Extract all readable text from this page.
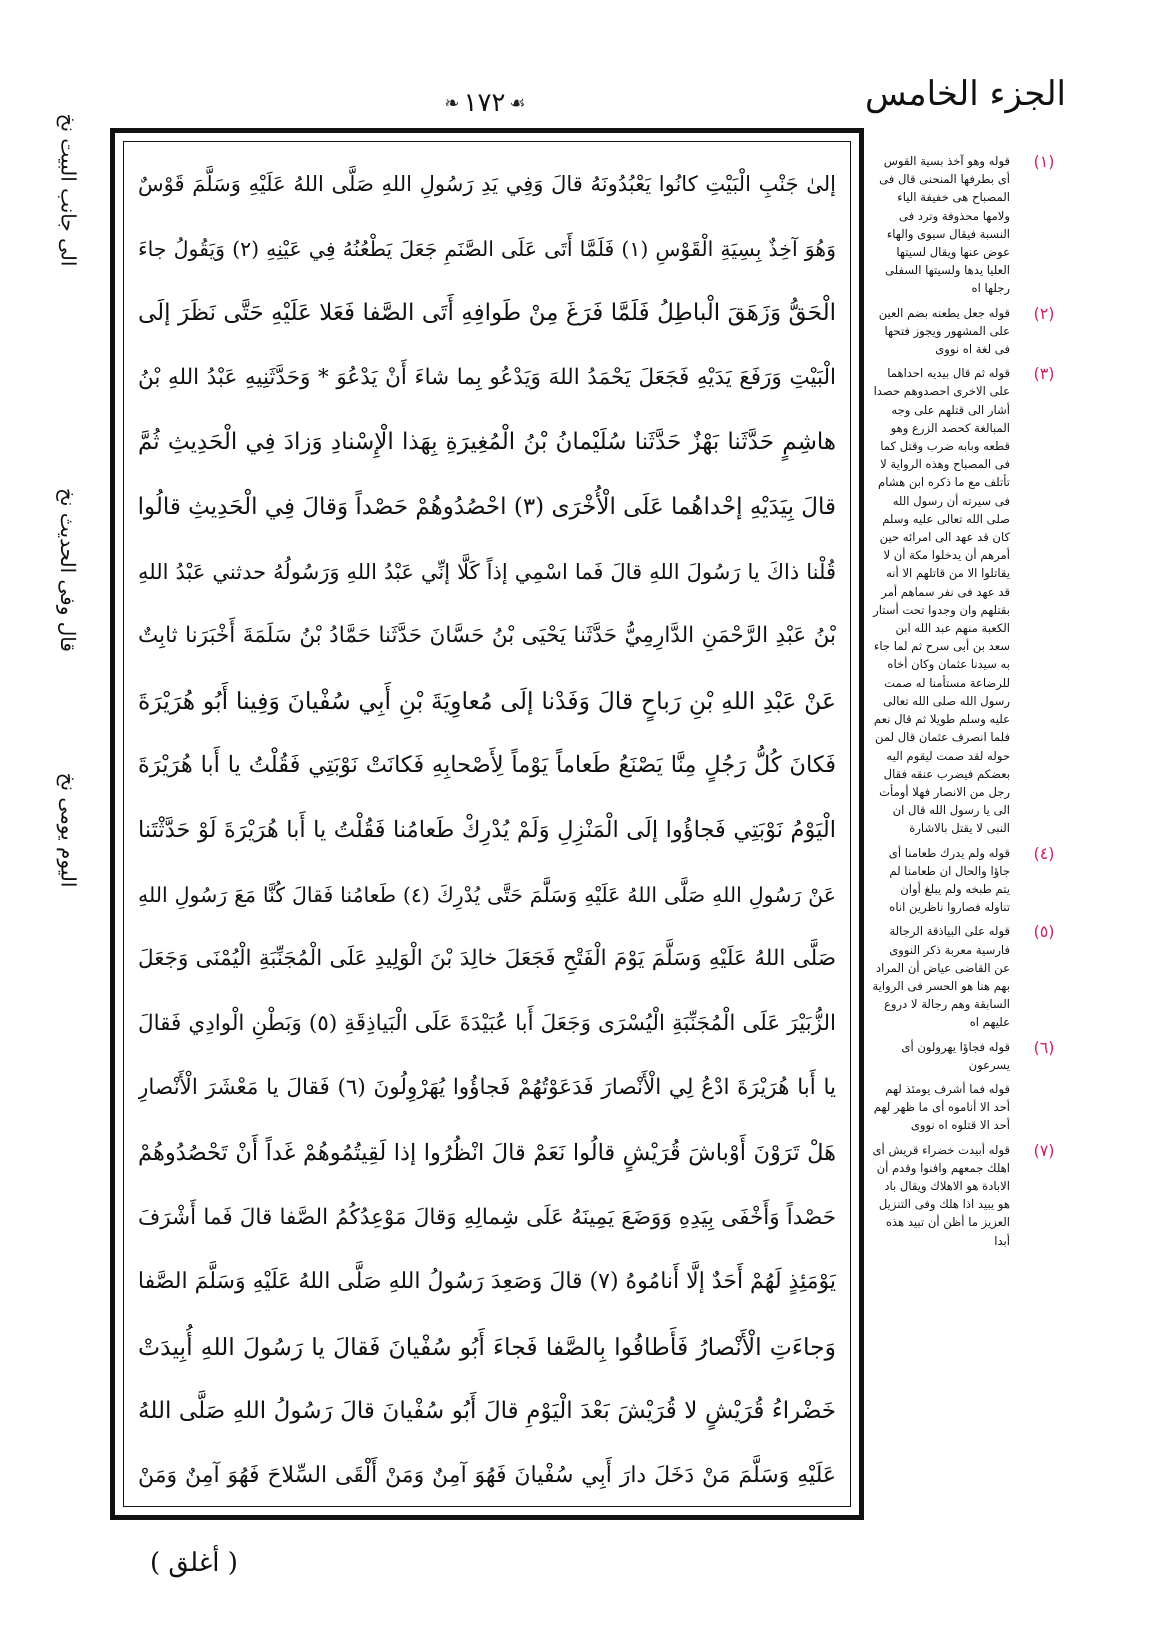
الجزء الخامس
❧ ١٧٢ ☙
إلىٰ جَنْبِ الْبَيْتِ كانُوا يَعْبُدُونَهُ قالَ وَفِي يَدِ رَسُولِ اللهِ صَلَّى اللهُ عَلَيْهِ وَسَلَّمَ قَوْسٌ
وَهُوَ آخِذٌ بِسِيَةِ الْقَوْسِ (١) فَلَمَّا أَتَى عَلَى الصَّنَمِ جَعَلَ يَطْعُنُهُ فِي عَيْنِهِ (٢) وَيَقُولُ جاءَ
الْحَقُّ وَزَهَقَ الْباطِلُ فَلَمَّا فَرَغَ مِنْ طَوافِهِ أَتَى الصَّفا فَعَلا عَلَيْهِ حَتَّى نَظَرَ إلَى
الْبَيْتِ وَرَفَعَ يَدَيْهِ فَجَعَلَ يَحْمَدُ اللهَ وَيَدْعُو بِما شاءَ أَنْ يَدْعُوَ * وَحَدَّثَنِيهِ عَبْدُ اللهِ بْنُ
هاشِمٍ حَدَّثَنا بَهْزٌ حَدَّثَنا سُلَيْمانُ بْنُ الْمُغِيرَةِ بِهَذا الْإِسْنادِ وَزادَ فِي الْحَدِيثِ ثُمَّ
قالَ بِيَدَيْهِ إحْداهُما عَلَى الْأُخْرَى (٣) احْصُدُوهُمْ حَصْداً وَقالَ فِي الْحَدِيثِ قالُوا
قُلْنا ذاكَ يا رَسُولَ اللهِ قالَ فَما اسْمِي إذاً كَلَّا إنِّي عَبْدُ اللهِ وَرَسُولُهُ حدثني عَبْدُ اللهِ
بْنُ عَبْدِ الرَّحْمَنِ الدَّارِمِيُّ حَدَّثَنا يَحْيَى بْنُ حَسَّانَ حَدَّثَنا حَمَّادُ بْنُ سَلَمَةَ أَخْبَرَنا ثابِتٌ
عَنْ عَبْدِ اللهِ بْنِ رَباحٍ قالَ وَفَدْنا إلَى مُعاوِيَةَ بْنِ أَبِي سُفْيانَ وَفِينا أَبُو هُرَيْرَةَ
فَكانَ كُلُّ رَجُلٍ مِنَّا يَصْنَعُ طَعاماً يَوْماً لِأَصْحابِهِ فَكانَتْ نَوْبَتِي فَقُلْتُ يا أَبا هُرَيْرَةَ
الْيَوْمُ نَوْبَتِي فَجاؤُوا إلَى الْمَنْزِلِ وَلَمْ يُدْرِكْ طَعامُنا فَقُلْتُ يا أَبا هُرَيْرَةَ لَوْ حَدَّثْتَنا
عَنْ رَسُولِ اللهِ صَلَّى اللهُ عَلَيْهِ وَسَلَّمَ حَتَّى يُدْرِكَ (٤) طَعامُنا فَقالَ كُنَّا مَعَ رَسُولِ اللهِ
صَلَّى اللهُ عَلَيْهِ وَسَلَّمَ يَوْمَ الْفَتْحِ فَجَعَلَ خالِدَ بْنَ الْوَلِيدِ عَلَى الْمُجَنِّبَةِ الْيُمْنَى وَجَعَلَ
الزُّبَيْرَ عَلَى الْمُجَنِّبَةِ الْيُسْرَى وَجَعَلَ أَبا عُبَيْدَةَ عَلَى الْبَياذِقَةِ (٥) وَبَطْنِ الْوادِي فَقالَ
يا أَبا هُرَيْرَةَ ادْعُ لِي الْأَنْصارَ فَدَعَوْتُهُمْ فَجاؤُوا يُهَرْوِلُونَ (٦) فَقالَ يا مَعْشَرَ الْأَنْصارِ
هَلْ تَرَوْنَ أَوْباشَ قُرَيْشٍ قالُوا نَعَمْ قالَ انْظُرُوا إذا لَقِيتُمُوهُمْ غَداً أَنْ تَحْصُدُوهُمْ
حَصْداً وَأَخْفَى بِيَدِهِ وَوَضَعَ يَمِينَهُ عَلَى شِمالِهِ وَقالَ مَوْعِدُكُمُ الصَّفا قالَ فَما أَشْرَفَ
يَوْمَئِذٍ لَهُمْ أَحَدٌ إلَّا أَنامُوهُ (٧) قالَ وَصَعِدَ رَسُولُ اللهِ صَلَّى اللهُ عَلَيْهِ وَسَلَّمَ الصَّفا
وَجاءَتِ الْأَنْصارُ فَأَطافُوا بِالصَّفا فَجاءَ أَبُو سُفْيانَ فَقالَ يا رَسُولَ اللهِ أُبِيدَتْ
خَضْراءُ قُرَيْشٍ لا قُرَيْشَ بَعْدَ الْيَوْمِ قالَ أَبُو سُفْيانَ قالَ رَسُولُ اللهِ صَلَّى اللهُ
عَلَيْهِ وَسَلَّمَ مَنْ دَخَلَ دارَ أَبِي سُفْيانَ فَهُوَ آمِنٌ وَمَنْ أَلْقَى السِّلاحَ فَهُوَ آمِنٌ وَمَنْ
(١)
قوله وهو آخذ بسية القوس أى بطرفها المنحنى قال فى المصباح هى خفيفة الياء ولامها محذوفة وترد فى النسبة فيقال سيوى والهاء عوض عنها ويقال لسيتها العليا يدها ولسيتها السفلى رجلها اه
(٢)
قوله جعل يطعنه بضم العين على المشهور ويجوز فتحها فى لغة اه نووى
(٣)
قوله ثم قال بيديه احداهما على الاخرى احصدوهم حصدا أشار الى قتلهم على وجه المبالغة كحصد الزرع وهو قطعه وبابه ضرب وقتل كما فى المصباح وهذه الرواية لا تأتلف مع ما ذكره ابن هشام فى سيرته أن رسول الله صلى الله تعالى عليه وسلم كان قد عهد الى امرائه حين أمرهم أن يدخلوا مكة أن لا يقاتلوا الا من قاتلهم الا أنه قد عهد فى نفر سماهم أمر بقتلهم وان وجدوا تحت أستار الكعبة منهم عبد الله ابن سعد بن أبى سرح ثم لما جاء به سيدنا عثمان وكان أخاه للرضاعة مستأمنا له صمت رسول الله صلى الله تعالى عليه وسلم طويلا ثم قال نعم فلما انصرف عثمان قال لمن حوله لقد صمت ليقوم اليه بعضكم فيضرب عنقه فقال رجل من الانصار فهلا أومأت الى يا رسول الله قال ان النبى لا يقتل بالاشارة
(٤)
قوله ولم يدرك طعامنا أى جاؤا والحال ان طعامنا لم يتم طبخه ولم يبلغ أوان تناوله فصاروا ناظرين اناه
(٥)
قوله على البياذقة الرجالة فارسية معربة ذكر النووى عن القاضى عياض أن المراد بهم هنا هو الحسر فى الرواية السابقة وهم رجالة لا دروع عليهم اه
(٦)
قوله فجاؤا يهرولون أى يسرعون
قوله فما أشرف يومئذ لهم أحد الا أناموه أى ما ظهر لهم أحد الا قتلوه اه نووى
(٧)
قوله أبيدت خضراء قريش أى اهلك جمعهم وافنوا وقدم أن الابادة هو الاهلاك ويقال باد هو يبيد اذا هلك وفى التنزيل العزيز ما أظن أن تبيد هذه أبدا
الى جانب البيت نخ
قال وفى الحديث نخ
اليوم يومى نخ
( أغلق )
